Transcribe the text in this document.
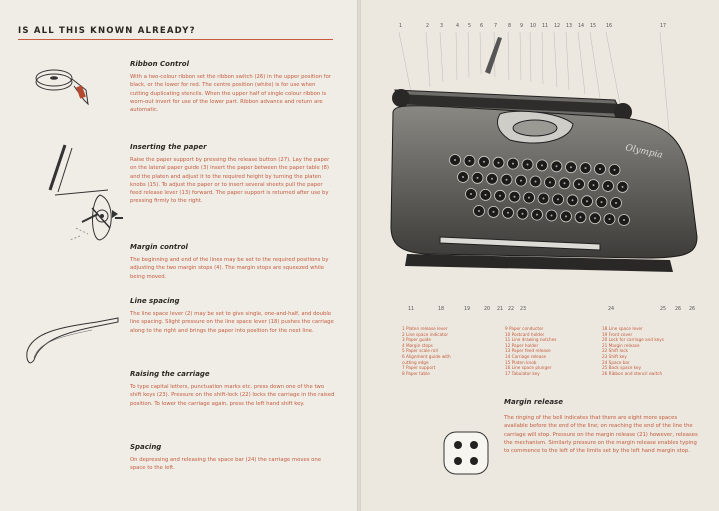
IS ALL THIS KNOWN ALREADY?
Ribbon Control

With a two-colour ribbon set the ribbon switch (26) in the upper position for black, or the lower for red. The centre position (white) is for use when cutting duplicating stencils. When the upper half of single colour ribbon is worn-out invert for use of the lower part. Ribbon advance and return are automatic.

Inserting the paper

Raise the paper support by pressing the release button (27). Lay the paper on the lateral paper guide (3) insert the paper between the paper table (8) and the platen and adjust it to the required height by turning the platen knobs (15). To adjust the paper or to insert several sheets pull the paper feed release lever (13) forward. The paper support is returned after use by pressing firmly to the right.

Margin control

The beginning and end of the lines may be set to the required positions by adjusting the two margin stops (4). The margin stops are squeezed while being moved.

Line spacing

The line space lever (2) may be set to give single, one-and-half, and double line spacing. Slight pressure on the line space lever (18) pushes the carriage along to the right and brings the paper into position for the next line.

Raising the carriage

To type capital letters, punctuation marks etc. press down one of the two shift keys (23). Pressure on the shift-lock (22) locks the carriage in the raised position. To lower the carriage again, press the left hand shift key.

Spacing

On depressing and releasing the space bar (24) the carriage moves one space to the left.

1	2 3	4 5 6 7 8 9 10 11 12 13 14 15 16	17
Olympia
11	18	19	20 21 22 23	24	25 26 26
1 Platen release lever
2 Line space indicator
3 Paper guide
4 Margin stops
5 Paper scale roll
6 Alignment guide with
cutting edge
7 Paper support
8 Paper table
9 Paper conductor
10 Postcard holder
11 Line drawing notches
12 Paper holder
13 Paper feed release
14 Carriage release
15 Platen knob
16 Line space plunger
17 Tabulator key
18 Line space lever
19 Front cover
20 Lock for carriage and keys
21 Margin release
22 Shift lock
23 Shift key
24 Space bar
25 Back space key
26 Ribbon and stencil switch
Margin release
The ringing of the bell indicates that there are eight more spaces available before the end of the line; on reaching the end of the line the carriage will stop. Pressure on the margin release (21) however, releases the mechanism. Similarly pressure on the margin release enables typing to commence to the left of the limits set by the left hand margin stop.
